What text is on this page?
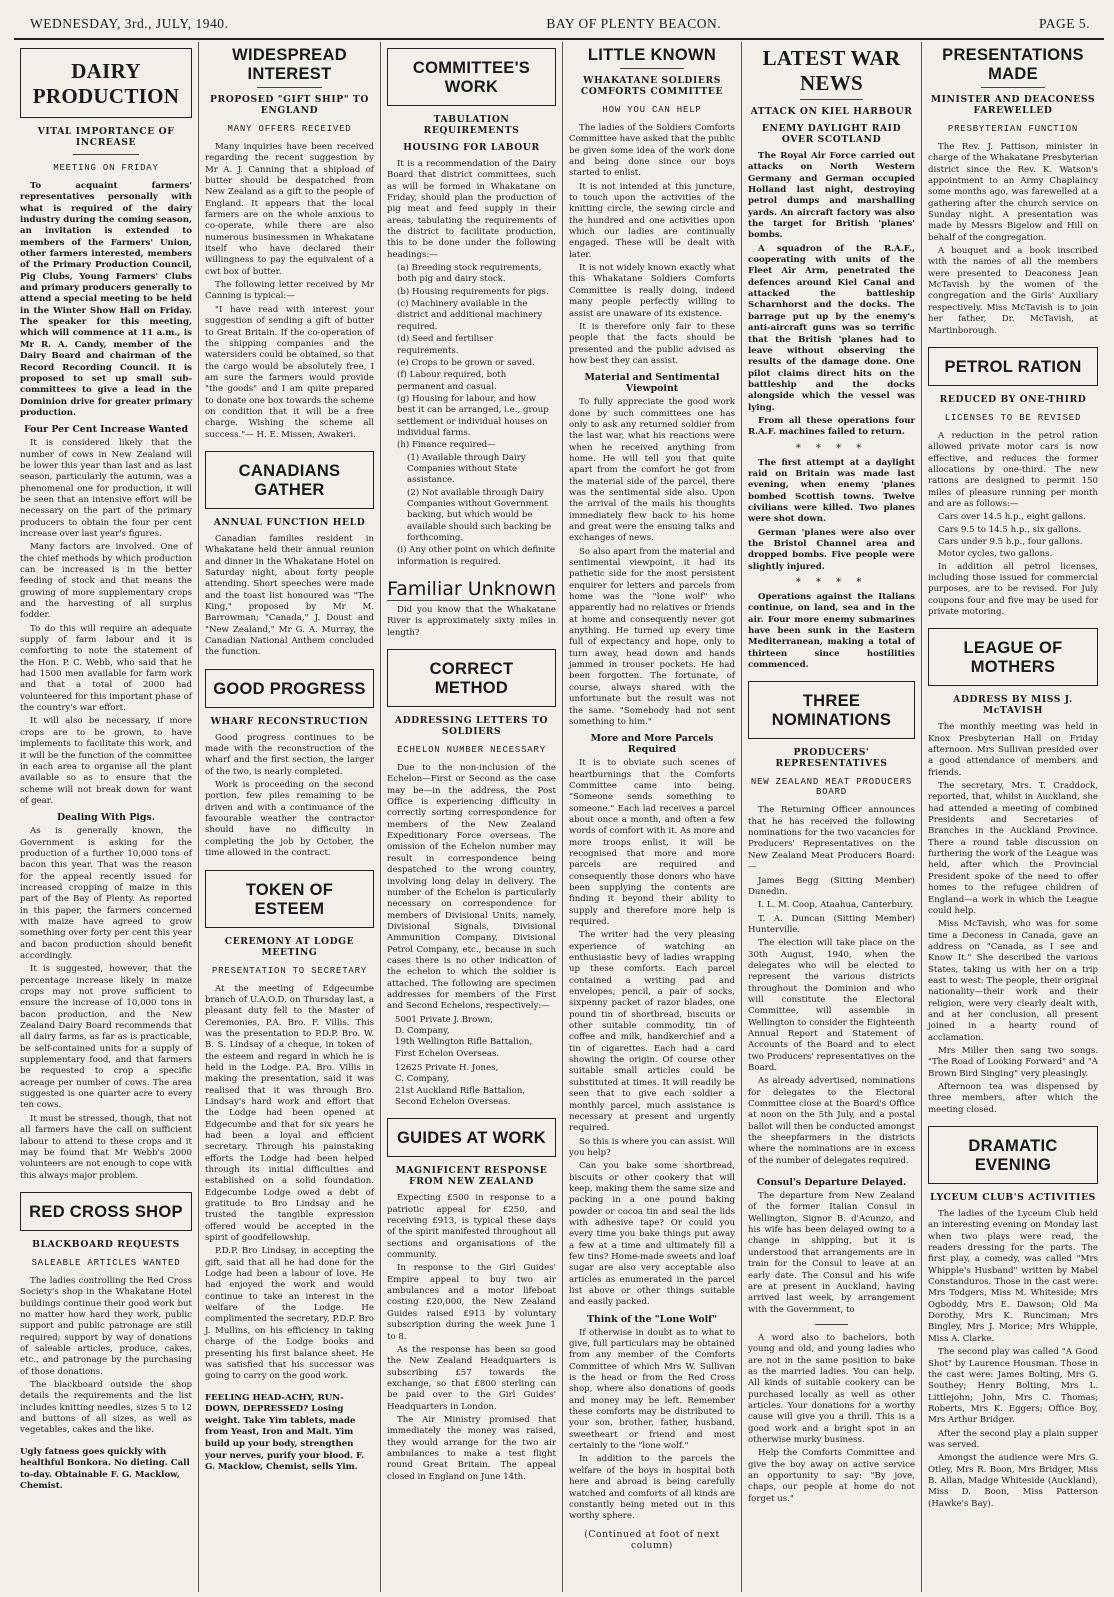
WEDNESDAY, 3rd., JULY, 1940.	BAY OF PLENTY BEACON.	PAGE 5.
DAIRY PRODUCTION
VITAL IMPORTANCE OF INCREASE
MEETING ON FRIDAY

To acquaint farmers' representatives personally with what is required of the dairy industry during the coming season, an invitation is extended to members of the Farmers' Union, other farmers interested, members of the Primary Production Council, Pig Clubs, Young Farmers' Clubs and primary producers generally to attend a special meeting to be held in the Winter Show Hall on Friday. The speaker for this meeting, which will commence at 11 a.m., is Mr R. A. Candy, member of the Dairy Board and chairman of the Record Recording Council. It is proposed to set up small sub-committees to give a lead in the Dominion drive for greater primary production.

Four Per Cent Increase Wanted

It is considered likely that the number of cows in New Zealand will be lower this year than last and as last season, particularly the autumn, was a phenomenal one for production, it will be seen that an intensive effort will be necessary on the part of the primary producers to obtain the four per cent increase over last year's figures.

Many factors are involved. One of the chief methods by which production can be increased is in the better feeding of stock and that means the growing of more supplementary crops and the harvesting of all surplus fodder.

To do this will require an adequate supply of farm labour and it is comforting to note the statement of the Hon. P. C. Webb, who said that he had 1500 men available for farm work and that a total of 2000 had volunteered for this important phase of the country's war effort.

It will also be necessary, if more crops are to be grown, to have implements to facilitate this work, and it will be the function of the committee in each area to organise all the plant available so as to ensure that the scheme will not break down for want of gear.

Dealing With Pigs.

As is generally known, the Government is asking for the production of a further 10,000 tons of bacon this year. That was the reason for the appeal recently issued for increased cropping of maize in this part of the Bay of Plenty. As reported in this paper, the farmers concerned with maize have agreed to grow something over forty per cent this year and bacon production should benefit accordingly.

It is suggested, however, that the percentage increase likely in maize crops may not prove sufficient to ensure the increase of 10,000 tons in bacon production, and the New Zealand Dairy Board recommends that all dairy farms, as far as is practicable, be self-contained units for a supply of supplementary food, and that farmers be requested to crop a specific acreage per number of cows. The area suggested is one quarter acre to every ten cows.

It must be stressed, though, that not all farmers have the call on sufficient labour to attend to these crops and it may be found that Mr Webb's 2000 volunteers are not enough to cope with this always major problem.

RED CROSS SHOP
BLACKBOARD REQUESTS
SALEABLE ARTICLES WANTED

The ladies controlling the Red Cross Society's shop in the Whakatane Hotel buildings continue their good work but no matter how hard they work, public support and public patronage are still required; support by way of donations of saleable articles, produce, cakes, etc., and patronage by the purchasing of those donations.

The blackboard outside the shop details the requirements and the list includes knitting needles, sizes 5 to 12 and buttons of all sizes, as well as vegetables, cakes and the like.

Ugly fatness goes quickly with healthful Bonkora. No dieting. Call to-day. Obtainable F. G. Macklow, Chemist.
WIDESPREAD INTEREST
PROPOSED "GIFT SHIP" TO ENGLAND
MANY OFFERS RECEIVED

Many inquiries have been received regarding the recent suggestion by Mr A. J. Canning that a shipload of butter should be despatched from New Zealand as a gift to the people of England. It appears that the local farmers are on the whole anxious to co-operate, while there are also numerous businessmen in Whakatane itself who have declared their willingness to pay the equivalent of a cwt box of butter.

The following letter received by Mr Canning is typical:—

"I have read with interest your suggestion of sending a gift of butter to Great Britain. If the co-operation of the shipping companies and the watersiders could be obtained, so that the cargo would be absolutely free, I am sure the farmers would provide "the goods" and I am quite prepared to donate one box towards the scheme on condition that it will be a free charge. Wishing the scheme all success."— H. E. Missen, Awakeri.

CANADIANS GATHER
ANNUAL FUNCTION HELD

Canadian families resident in Whakatane held their annual reunion and dinner in the Whakatane Hotel on Saturday night, about forty people attending. Short speeches were made and the toast list honoured was "The King," proposed by Mr M. Barrowman; "Canada," J. Doust and "New Zealand," Mr G. A. Murray, the Canadian National Anthem concluded the function.

GOOD PROGRESS
WHARF RECONSTRUCTION

Good progress continues to be made with the reconstruction of the wharf and the first section, the larger of the two, is nearly completed.

Work is proceeding on the second portion, few piles remaining to be driven and with a continuance of the favourable weather the contractor should have no difficulty in completing the job by October, the time allowed in the contract.

TOKEN OF ESTEEM
CEREMONY AT LODGE MEETING
PRESENTATION TO SECRETARY

At the meeting of Edgecumbe branch of U.A.O.D. on Thursday last, a pleasant duty fell to the Master of Ceremonies, P.A. Bro. F. Villis. This was the presentation to P.D.P. Bro. W. B. S. Lindsay of a cheque, in token of the esteem and regard in which he is held in the Lodge. P.A. Bro. Villis in making the presentation, said it was realised that it was through Bro. Lindsay's hard work and effort that the Lodge had been opened at Edgecumbe and that for six years he had been a loyal and efficient secretary. Through his painstaking efforts the Lodge had been helped through its initial difficulties and established on a solid foundation. Edgecumbe Lodge owed a debt of gratitude to Bro Lindsay and he trusted the tangible expression offered would be accepted in the spirit of goodfellowship.

P.D.P. Bro Lindsay, in accepting the gift, said that all he had done for the Lodge had been a labour of love. He had enjoyed the work and would continue to take an interest in the welfare of the Lodge. He complimented the secretary, P.D.P. Bro J. Mullins, on his efficiency in taking charge of the Lodge books and presenting his first balance sheet. He was satisfied that his successor was going to carry on the good work.

FEELING HEAD-ACHY, RUN-DOWN, DEPRESSED? Losing weight. Take Yim tablets, made from Yeast, Iron and Malt. Yim build up your body, strengthen your nerves, purify your blood. F. G. Macklow, Chemist, sells Yim.
COMMITTEE'S WORK
TABULATION REQUIREMENTS
HOUSING FOR LABOUR

It is a recommendation of the Dairy Board that district committees, such as will be formed in Whakatane on Friday, should plan the production of pig meat and feed supply in their areas, tabulating the requirements of the district to facilitate production, this to be done under the following headings:—

(a) Breeding stock requirements, both pig and dairy stock.
(b) Housing requirements for pigs.
(c) Machinery available in the district and additional machinery required.
(d) Seed and fertiliser requirements.
(e) Crops to be grown or saved.
(f) Labour required, both permanent and casual.
(g) Housing for labour, and how best it can be arranged, i.e., group settlement or individual houses on individual farms.
(h) Finance required—
(1) Available through Dairy Companies without State assistance.
(2) Not available through Dairy Companies without Government backing, but which would be available should such backing be forthcoming.
(i) Any other point on which definite information is required.
Familiar Unknown

Did you know that the Whakatane River is approximately sixty miles in length?

CORRECT METHOD
ADDRESSING LETTERS TO SOLDIERS
ECHELON NUMBER NECESSARY

Due to the non-inclusion of the Echelon—First or Second as the case may be—in the address, the Post Office is experiencing difficulty in correctly sorting correspondence for members of the New Zealand Expeditionary Force overseas. The omission of the Echelon number may result in correspondence being despatched to the wrong country, involving long delay in delivery. The number of the Echelon is particularly necessary on correspondence for members of Divisional Units, namely, Divisional Signals, Divisional Ammunition Company, Divisional Petrol Company, etc., because in such cases there is no other indication of the echelon to which the soldier is attached. The following are specimen addresses for members of the First and Second Echelons, respectively:—

5001 Private J. Brown,
D. Company,
19th Wellington Rifle Battalion,
First Echelon Overseas.
12625 Private H. Jones,
C. Company,
21st Auckland Rifle Battalion,
Second Echelon Overseas.
GUIDES AT WORK
MAGNIFICENT RESPONSE FROM NEW ZEALAND

Expecting £500 in response to a patriotic appeal for £250, and receiving £913, is typical these days of the spirit manifested throughout all sections and organisations of the community.

In response to the Girl Guides' Empire appeal to buy two air ambulances and a motor lifeboat costing £20,000, the New Zealand Guides raised £913 by voluntary subscription during the week June 1 to 8.

As the response has been so good the New Zealand Headquarters is subscribing £57 towards the exchange, so that £800 sterling can be paid over to the Girl Guides' Headquarters in London.

The Air Ministry promised that immediately the money was raised, they would arrange for the two air ambulances to make a test flight round Great Britain. The appeal closed in England on June 14th.

LITTLE KNOWN
WHAKATANE SOLDIERS COMFORTS COMMITTEE
HOW YOU CAN HELP

The ladies of the Soldiers Comforts Committee have asked that the public be given some idea of the work done and being done since our boys started to enlist.

It is not intended at this juncture, to touch upon the activities of the knitting circle, the sewing circle and the hundred and one activities upon which our ladies are continually engaged. These will be dealt with later.

It is not widely known exactly what this Whakatane Soldiers Comforts Committee is really doing, indeed many people perfectly willing to assist are unaware of its existence.

It is therefore only fair to these people that the facts should be presented and the public advised as how best they can assist.

Material and Sentimental Viewpoint

To fully appreciate the good work done by such committees one has only to ask any returned soldier from the last war, what his reactions were when he received anything from home. He will tell you that quite apart from the comfort he got from the material side of the parcel, there was the sentimental side also. Upon the arrival of the mails his thoughts immediately flew back to his home and great were the ensuing talks and exchanges of news.

So also apart from the material and sentimental viewpoint, it had its pathetic side for the most persistent enquirer for letters and parcels from home was the "lone wolf" who apparently had no relatives or friends at home and consequently never got anything. He turned up every time full of expectancy and hope, only to turn away, head down and hands jammed in trouser pockets. He had been forgotten. The fortunate, of course, always shared with the unfortunate but the result was not the same. "Somebody had not sent something to him."

More and More Parcels Required

It is to obviate such scenes of heartburnings that the Comforts Committee came into being. "Someone sends something to someone." Each lad receives a parcel about once a month, and often a few words of comfort with it. As more and more troops enlist, it will be recognised that more and more parcels are required and consequently those donors who have been supplying the contents are finding it beyond their ability to supply and therefore more help is required.

The writer had the very pleasing experience of watching an enthusiastic bevy of ladies wrapping up these comforts. Each parcel contained a writing pad and envelopes, pencil, a pair of socks, sixpenny packet of razor blades, one pound tin of shortbread, biscuits or other suitable commodity, tin of coffee and milk, handkerchief and a tin of cigarettes. Each had a card showing the origin. Of course other suitable small articles could be substituted at times. It will readily be seen that to give each soldier a monthly parcel, much assistance is necessary at present and urgently required.

So this is where you can assist. Will you help?

Can you bake some shortbread, biscuits or other cookery that will keep, making them the same size and packing in a one pound baking powder or cocoa tin and seal the lids with adhesive tape? Or could you every time you bake things put away a few at a time and ultimately fill a few tins? Home-made sweets and loaf sugar are also very acceptable also articles as enumerated in the parcel list above or other things suitable and easily packed.

Think of the "Lone Wolf"

If otherwise in doubt as to what to give, full particulars may be obtained from any member of the Comforts Committee of which Mrs W. Sullivan is the head or from the Red Cross shop, where also donations of goods and money may be left. Remember these comforts may be distributed to your son, brother, father, husband, sweetheart or friend and most certainly to the "lone wolf."

In addition to the parcels the welfare of the boys in hospital both here and abroad is being carefully watched and comforts of all kinds are constantly being meted out in this worthy sphere.

(Continued at foot of next column)
LATEST WAR NEWS
ATTACK ON KIEL HARBOUR
ENEMY DAYLIGHT RAID OVER SCOTLAND

The Royal Air Force carried out attacks on North Western Germany and German occupied Holland last night, destroying petrol dumps and marshalling yards. An aircraft factory was also the target for British 'planes' bombs.

A squadron of the R.A.F., cooperating with units of the Fleet Air Arm, penetrated the defences around Kiel Canal and attacked the battleship Scharnhorst and the docks. The barrage put up by the enemy's anti-aircraft guns was so terrific that the British 'planes had to leave without observing the results of the damage done. One pilot claims direct hits on the battleship and the docks alongside which the vessel was lying.

From all these operations four R.A.F. machines failed to return.

* * * *

The first attempt at a daylight raid on Britain was made last evening, when enemy 'planes bombed Scottish towns. Twelve civilians were killed. Two planes were shot down.

German 'planes were also over the Bristol Channel area and dropped bombs. Five people were slightly injured.

* * * *

Operations against the Italians continue, on land, sea and in the air. Four more enemy submarines have been sunk in the Eastern Mediterranean, making a total of thirteen since hostilities commenced.

THREE NOMINATIONS
PRODUCERS' REPRESENTATIVES
NEW ZEALAND MEAT PRODUCERS BOARD

The Returning Officer announces that he has received the following nominations for the two vacancies for Producers' Representatives on the New Zealand Meat Producers Board:—

James Begg (Sitting Member) Dunedin.

I. L. M. Coop, Ataahua, Canterbury.

T. A. Duncan (Sitting Member) Hunterville.

The election will take place on the 30th August, 1940, when the delegates who will be elected to represent the various districts throughout the Dominion and who will constitute the Electoral Committee, will assemble in Wellington to consider the Eighteenth Annual Report and Statement of Accounts of the Board and to elect two Producers' representatives on the Board.

As already advertised, nominations for delegates to the Electoral Committee close at the Board's Office at noon on the 5th July, and a postal ballot will then be conducted amongst the sheepfarmers in the districts where the nominations are in excess of the number of delegates required.

Consul's Departure Delayed.

The departure from New Zealand of the former Italian Consul in Wellington, Signor B. d'Acunzo, and his wife has been delayed owing to a change in shipping, but it is understood that arrangements are in train for the Consul to leave at an early date. The Consul and his wife are at present in Auckland, having arrived last week, by arrangement with the Government, to

A word also to bachelors, both young and old, and young ladies who are not in the same position to bake as the married ladies. You can help. All kinds of suitable cookery can be purchased locally as well as other articles. Your donations for a worthy cause will give you a thrill. This is a good work and a bright spot in an otherwise murky business.

Help the Comforts Committee and give the boy away on active service an opportunity to say: "By jove, chaps, our people at home do not forget us."

PRESENTATIONS MADE
MINISTER AND DEACONESS FAREWELLED
PRESBYTERIAN FUNCTION

The Rev. J. Pattison, minister in charge of the Whakatane Presbyterian district since the Rev. K. Watson's appointment to an Army Chaplaincy some months ago, was farewelled at a gathering after the church service on Sunday night. A presentation was made by Messrs Bigelow and Hill on behalf of the congregation.

A bouquet and a book inscribed with the names of all the members were presented to Deaconess Jean McTavish by the women of the congregation and the Girls' Auxiliary respectively. Miss McTavish is to join her father, Dr. McTavish, at Martinborough.

PETROL RATION
REDUCED BY ONE-THIRD
LICENSES TO BE REVISED

A reduction in the petrol ration allowed private motor cars is now effective, and reduces the former allocations by one-third. The new rations are designed to permit 150 miles of pleasure running per month and are as follows:—

Cars over 14.5 h.p., eight gallons.
Cars 9.5 to 14.5 h.p., six gallons.
Cars under 9.5 h.p., four gallons.
Motor cycles, two gallons.

In addition all petrol licenses, including those issued for commercial purposes, are to be revised. For July coupons four and five may be used for private motoring.

LEAGUE OF MOTHERS
ADDRESS BY MISS J. McTAVISH

The monthly meeting was held in Knox Presbyterian Hall on Friday afternoon. Mrs Sullivan presided over a good attendance of members and friends.

The secretary, Mrs. T. Craddock, reported, that, whilst in Auckland, she had attended a meeting of combined Presidents and Secretaries of Branches in the Auckland Province. There a round table discussion on furthering the work of the League was held, after which the Provincial President spoke of the need to offer homes to the refugee children of England—a work in which the League could help.

Miss McTavish, who was for some time a Deconess in Canada, gave an address on "Canada, as I see and Know It." She described the various States, taking us with her on a trip east to west: The people, their original nationality—their work and their religion, were very clearly dealt with, and at her conclusion, all present joined in a hearty round of acclamation.

Mrs Miller then sang two songs. "The Road of Looking Forward" and "A Brown Bird Singing" very pleasingly.

Afternoon tea was dispensed by three members, after which the meeting closed.

DRAMATIC EVENING
LYCEUM CLUB'S ACTIVITIES

The ladies of the Lyceum Club held an interesting evening on Monday last when two plays were read, the readers dressing for the parts. The first play, a comedy, was called "Mrs Whipple's Husband" written by Mabel Constanduros. Those in the cast were: Mrs Todgers, Miss M. Whiteside; Mrs Ogboddy, Mrs E. Dawson; Old Ma Dorothy, Mrs K. Runciman; Mrs Bingley, Mrs J. Morice; Mrs Whipple, Miss A. Clarke.

The second play was called "A Good Shot" by Laurence Housman. Those in the cast were: James Bolting, Mrs G. Southey; Henry Bolting, Mrs L. Littlejohn; John, Mrs C. Thomas; Roberts, Mrs K. Eggers; Office Boy, Mrs Arthur Bridger.

After the second play a plain supper was served.

Amongst the audience were Mrs G. Otley, Mrs R. Boon, Mrs Bridger, Miss B. Allan, Madge Whiteside (Auckland), Miss D. Boon, Miss Patterson (Hawke's Bay).
